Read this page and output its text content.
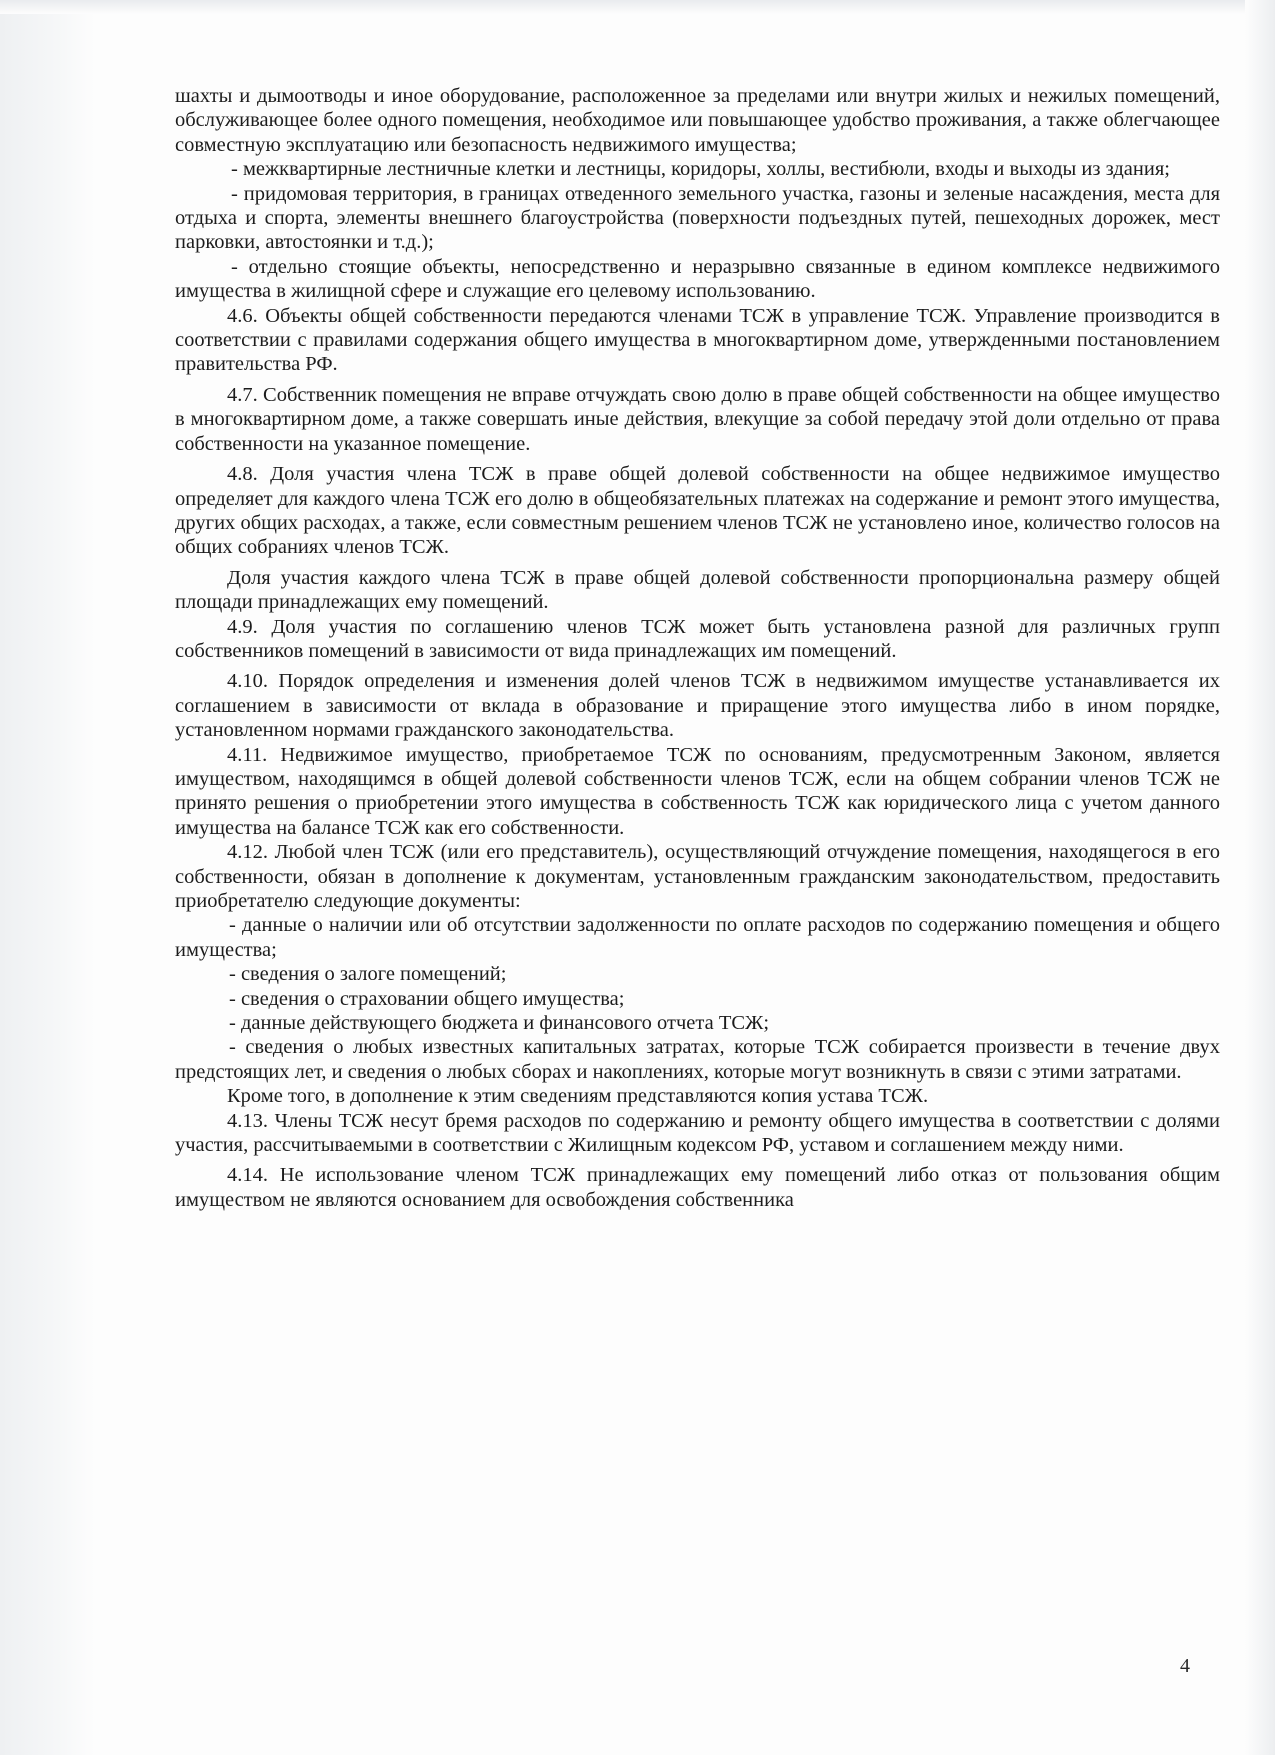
шахты и дымоотводы и иное оборудование, расположенное за пределами или внутри жилых и нежилых помещений, обслуживающее более одного помещения, необходимое или повышающее удобство проживания, а также облегчающее совместную эксплуатацию или безопасность недвижимого имущества;

- межквартирные лестничные клетки и лестницы, коридоры, холлы, вестибюли, входы и выходы из здания;

- придомовая территория, в границах отведенного земельного участка, газоны и зеленые насаждения, места для отдыха и спорта, элементы внешнего благоустройства (поверхности подъездных путей, пешеходных дорожек, мест парковки, автостоянки и т.д.);

- отдельно стоящие объекты, непосредственно и неразрывно связанные в едином комплексе недвижимого имущества в жилищной сфере и служащие его целевому использованию.

4.6. Объекты общей собственности передаются членами ТСЖ в управление ТСЖ. Управление производится в соответствии с правилами содержания общего имущества в многоквартирном доме, утвержденными постановлением правительства РФ.

4.7. Собственник помещения не вправе отчуждать свою долю в праве общей собственности на общее имущество в многоквартирном доме, а также совершать иные действия, влекущие за собой передачу этой доли отдельно от права собственности на указанное помещение.

4.8. Доля участия члена ТСЖ в праве общей долевой собственности на общее недвижимое имущество определяет для каждого члена ТСЖ его долю в общеобязательных платежах на содержание и ремонт этого имущества, других общих расходах, а также, если совместным решением членов ТСЖ не установлено иное, количество голосов на общих собраниях членов ТСЖ.

Доля участия каждого члена ТСЖ в праве общей долевой собственности пропорциональна размеру общей площади принадлежащих ему помещений.

4.9. Доля участия по соглашению членов ТСЖ может быть установлена разной для различных групп собственников помещений в зависимости от вида принадлежащих им помещений.

4.10. Порядок определения и изменения долей членов ТСЖ в недвижимом имуществе устанавливается их соглашением в зависимости от вклада в образование и приращение этого имущества либо в ином порядке, установленном нормами гражданского законодательства.

4.11. Недвижимое имущество, приобретаемое ТСЖ по основаниям, предусмотренным Законом, является имуществом, находящимся в общей долевой собственности членов ТСЖ, если на общем собрании членов ТСЖ не принято решения о приобретении этого имущества в собственность ТСЖ как юридического лица с учетом данного имущества на балансе ТСЖ как его собственности.

4.12. Любой член ТСЖ (или его представитель), осуществляющий отчуждение помещения, находящегося в его собственности, обязан в дополнение к документам, установленным гражданским законодательством, предоставить приобретателю следующие документы:

- данные о наличии или об отсутствии задолженности по оплате расходов по содержанию помещения и общего имущества;

- сведения о залоге помещений;

- сведения о страховании общего имущества;

- данные действующего бюджета и финансового отчета ТСЖ;

- сведения о любых известных капитальных затратах, которые ТСЖ собирается произвести в течение двух предстоящих лет, и сведения о любых сборах и накоплениях, которые могут возникнуть в связи с этими затратами.

Кроме того, в дополнение к этим сведениям представляются копия устава ТСЖ.

4.13. Члены ТСЖ несут бремя расходов по содержанию и ремонту общего имущества в соответствии с долями участия, рассчитываемыми в соответствии с Жилищным кодексом РФ, уставом и соглашением между ними.

4.14. Не использование членом ТСЖ принадлежащих ему помещений либо отказ от пользования общим имуществом не являются основанием для освобождения собственника

4
